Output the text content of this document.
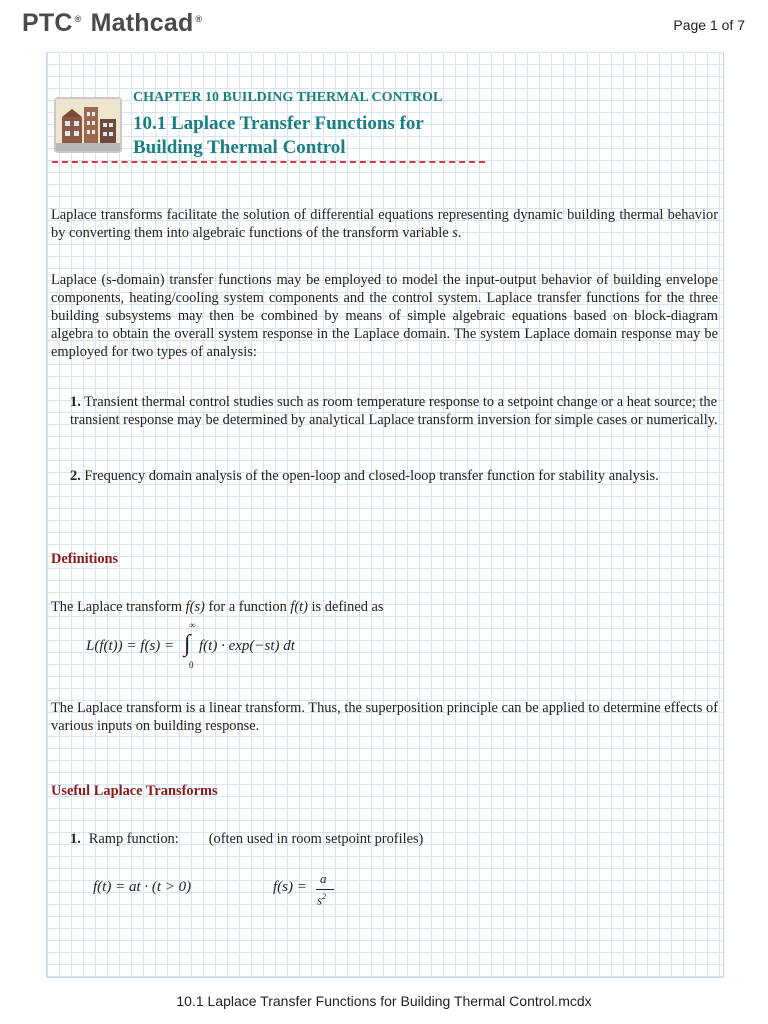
PTC ® Mathcad ®	Page 1 of 7
CHAPTER 10 BUILDING THERMAL CONTROL
10.1 Laplace Transfer Functions for
Building Thermal Control
Laplace transforms facilitate the solution of differential equations representing dynamic building thermal behavior by converting them into algebraic functions of the transform variable s.
Laplace (s-domain) transfer functions may be employed to model the input-output behavior of building envelope components, heating/cooling system components and the control system. Laplace transfer functions for the three building subsystems may then be combined by means of simple algebraic equations based on block-diagram algebra to obtain the overall system response in the Laplace domain. The system Laplace domain response may be employed for two types of analysis:
1. Transient thermal control studies such as room temperature response to a setpoint change or a heat source; the transient response may be determined by analytical Laplace transform inversion for simple cases or numerically.
2. Frequency domain analysis of the open-loop and closed-loop transfer function for stability analysis.
Definitions
The Laplace transform f(s) for a function f(t) is defined as
L(f(t)) = f(s) =
∞
∫
0
f(t) · exp(−st) dt
The Laplace transform is a linear transform. Thus, the superposition principle can be applied to determine effects of various inputs on building response.
Useful Laplace Transforms
1. Ramp function: (often used in room setpoint profiles)
f(t) = at · (t > 0)	f(s) =
a
$s^2$
10.1 Laplace Transfer Functions for Building Thermal Control.mcdx
